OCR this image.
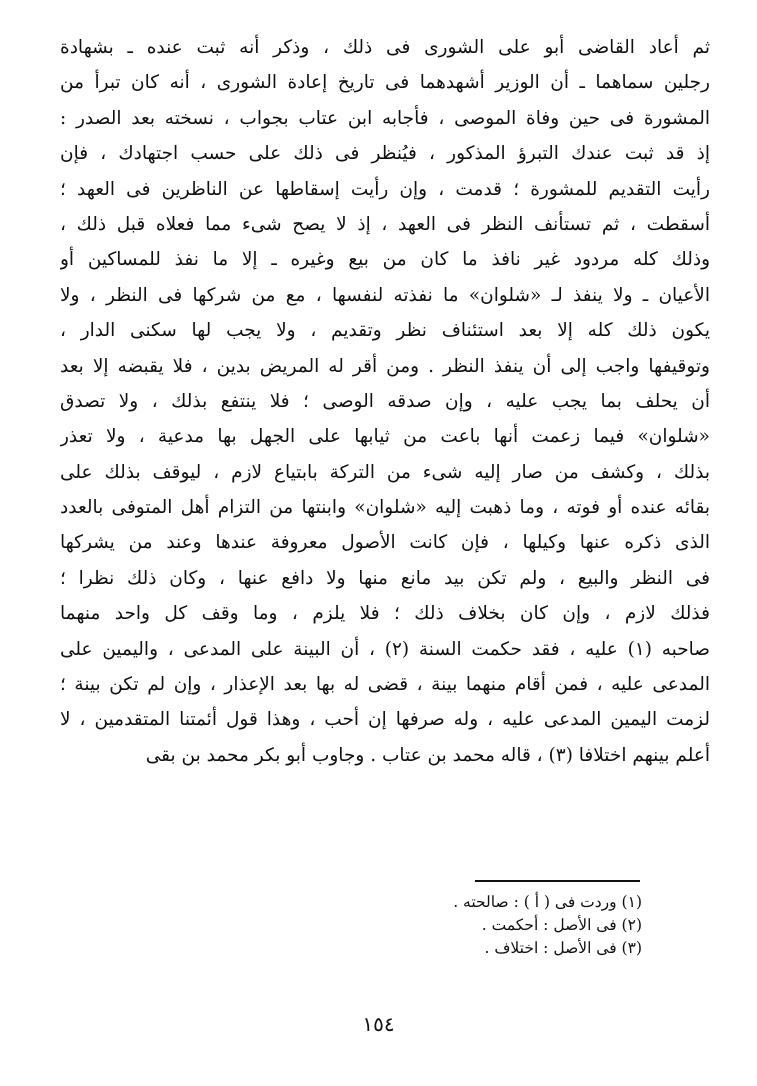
ثم أعاد القاضى أبو على الشورى فى ذلك ، وذكر أنه ثبت عنده ـ بشهادة
رجلين سماهما ـ أن الوزير أشهدهما فى تاريخ إعادة الشورى ، أنه كان تبرأ من
المشورة فى حين وفاة الموصى ، فأجابه ابن عتاب بجواب ، نسخته بعد الصدر :
إذ قد ثبت عندك التبرؤ المذكور ، فيُنظر فى ذلك على حسب اجتهادك ، فإن
رأيت التقديم للمشورة ؛ قدمت ، وإن رأيت إسقاطها عن الناظرين فى العهد ؛
أسقطت ، ثم تستأنف النظر فى العهد ، إذ لا يصح شىء مما فعلاه قبل ذلك ،
وذلك كله مردود غير نافذ ما كان من بيع وغيره ـ إلا ما نفذ للمساكين أو
الأعيان ـ ولا ينفذ لـ «شلوان» ما نفذته لنفسها ، مع من شركها فى النظر ، ولا
يكون ذلك كله إلا بعد استئناف نظر وتقديم ، ولا يجب لها سكنى الدار ،
وتوقيفها واجب إلى أن ينفذ النظر . ومن أقر له المريض بدين ، فلا يقبضه إلا بعد
أن يحلف بما يجب عليه ، وإن صدقه الوصى ؛ فلا ينتفع بذلك ، ولا تصدق
«شلوان» فيما زعمت أنها باعت من ثيابها على الجهل بها مدعية ، ولا تعذر
بذلك ، وكشف من صار إليه شىء من التركة بابتياع لازم ، ليوقف بذلك على
بقائه عنده أو فوته ، وما ذهبت إليه «شلوان» وابنتها من التزام أهل المتوفى بالعدد
الذى ذكره عنها وكيلها ، فإن كانت الأصول معروفة عندها وعند من يشركها
فى النظر والبيع ، ولم تكن بيد مانع منها ولا دافع عنها ، وكان ذلك نظرا ؛
فذلك لازم ، وإن كان بخلاف ذلك ؛ فلا يلزم ، وما وقف كل واحد منهما
صاحبه (١) عليه ، فقد حكمت السنة (٢) ، أن البينة على المدعى ، واليمين على
المدعى عليه ، فمن أقام منهما بينة ، قضى له بها بعد الإعذار ، وإن لم تكن بينة ؛
لزمت اليمين المدعى عليه ، وله صرفها إن أحب ، وهذا قول أئمتنا المتقدمين ، لا
أعلم بينهم اختلافا (٣) ، قاله محمد بن عتاب . وجاوب أبو بكر محمد بن بقى
(١) وردت فى ( أ ) : صالحته .
(٢) فى الأصل : أحكمت .
(٣) فى الأصل : اختلاف .
١٥٤
